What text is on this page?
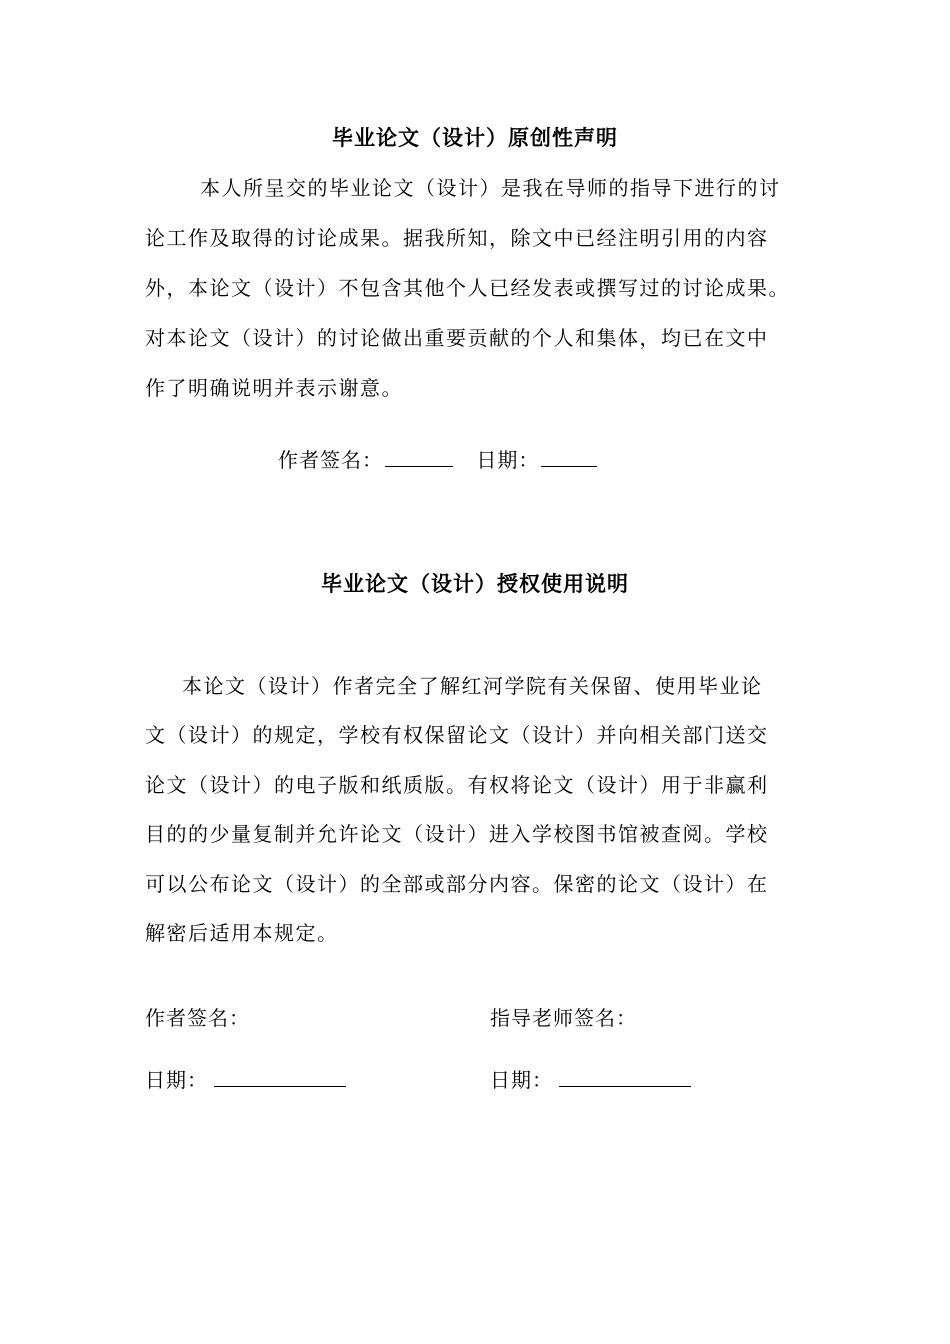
毕业论文（设计）原创性声明
本人所呈交的毕业论文（设计）是我在导师的指导下进行的讨
论工作及取得的讨论成果。据我所知，除文中已经注明引用的内容
外，本论文（设计）不包含其他个人已经发表或撰写过的讨论成果。
对本论文（设计）的讨论做出重要贡献的个人和集体，均已在文中
作了明确说明并表示谢意。
作者签名：	日期：
毕业论文（设计）授权使用说明
本论文（设计）作者完全了解红河学院有关保留、使用毕业论
文（设计）的规定，学校有权保留论文（设计）并向相关部门送交
论文（设计）的电子版和纸质版。有权将论文（设计）用于非赢利
目的的少量复制并允许论文（设计）进入学校图书馆被查阅。学校
可以公布论文（设计）的全部或部分内容。保密的论文（设计）在
解密后适用本规定。
作者签名：	指导老师签名：
日期：	日期：
